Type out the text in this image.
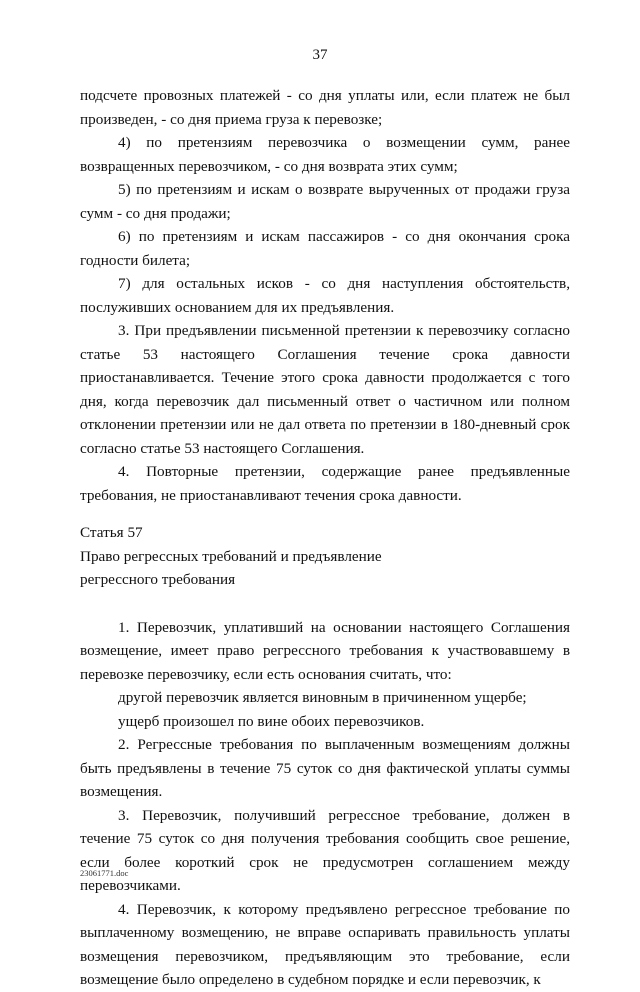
37

подсчете провозных платежей - со дня уплаты или, если платеж не был произведен, - со дня приема груза к перевозке;

4) по претензиям перевозчика о возмещении сумм, ранее возвращенных перевозчиком, - со дня возврата этих сумм;

5) по претензиям и искам о возврате вырученных от продажи груза сумм - со дня продажи;

6) по претензиям и искам пассажиров - со дня окончания срока годности билета;

7) для остальных исков - со дня наступления обстоятельств, послуживших основанием для их предъявления.

3. При предъявлении письменной претензии к перевозчику согласно статье 53 настоящего Соглашения течение срока давности приостанавливается. Течение этого срока давности продолжается с того дня, когда перевозчик дал письменный ответ о частичном или полном отклонении претензии или не дал ответа по претензии в 180-дневный срок согласно статье 53 настоящего Соглашения.

4. Повторные претензии, содержащие ранее предъявленные требования, не приостанавливают течения срока давности.

Статья 57

Право регрессных требований и предъявление

регрессного требования

1. Перевозчик, уплативший на основании настоящего Соглашения возмещение, имеет право регрессного требования к участвовавшему в перевозке перевозчику, если есть основания считать, что:

другой перевозчик является виновным в причиненном ущербе;

ущерб произошел по вине обоих перевозчиков.

2. Регрессные требования по выплаченным возмещениям должны быть предъявлены в течение 75 суток со дня фактической уплаты суммы возмещения.

3. Перевозчик, получивший регрессное требование, должен в течение 75 суток со дня получения требования сообщить свое решение, если более короткий срок не предусмотрен соглашением между перевозчиками.

4. Перевозчик, к которому предъявлено регрессное требование по выплаченному возмещению, не вправе оспаривать правильность уплаты возмещения перевозчиком, предъявляющим это требование, если возмещение было определено в судебном порядке и если перевозчик, к

23061771.doc
